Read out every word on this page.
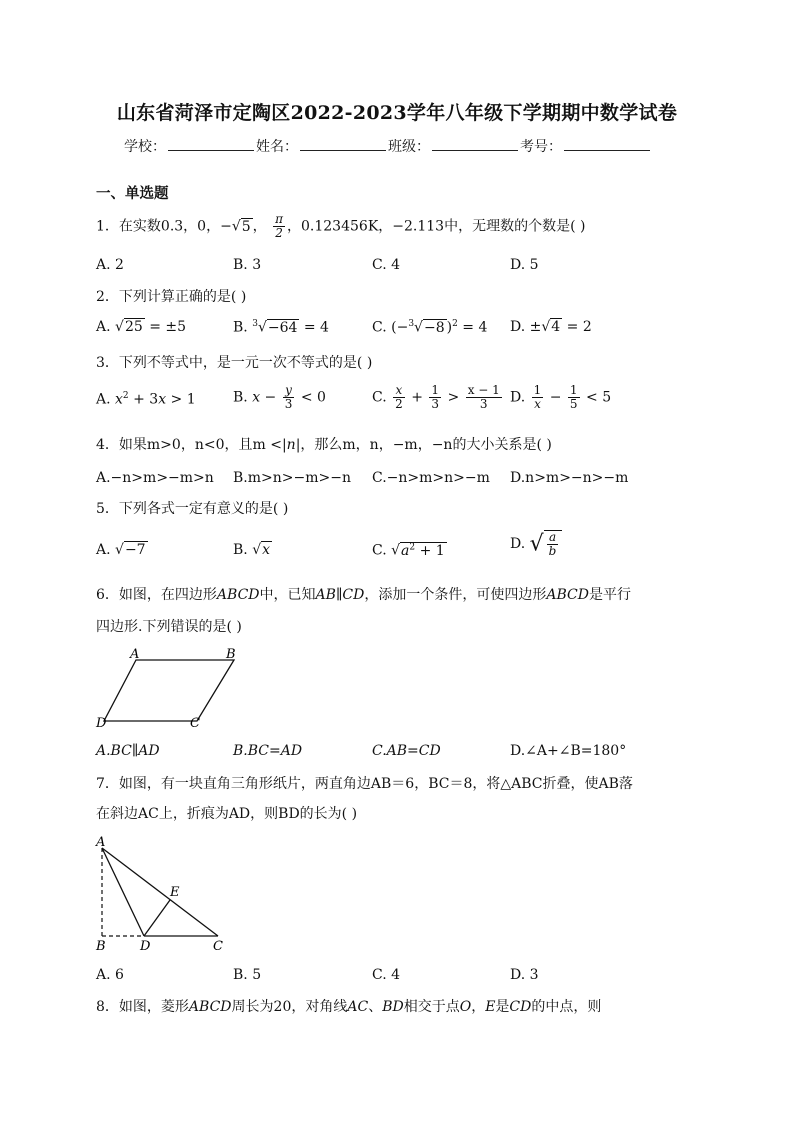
山东省菏泽市定陶区2022-2023学年八年级下学期期中数学试卷
学校：	姓名：	班级：	考号：
一、单选题
1．在实数0.3，0，−√5 ， $\frac{\pi}{2}$ ，0.123456K，−2.113中，无理数的个数是( )
A. 2	B. 3	C. 4	D. 5
2．下列计算正确的是( )
A. √25 = ±5	B. $^3$√−64 = 4	C. (−$^3$√−8 )$^2$ = 4 D. ±√4 = 2
3．下列不等式中，是一元一次不等式的是( )
A. $x^2 + 3x > 1$	B. $x - \frac{y}{3} < 0$	C. $\frac{x}{2} + \frac{1}{3} > \frac{x - 1}{3} D$. $\frac{1}{x} - \frac{1}{5} < 5$
4．如果m>0，n<0，且m <|n|，那么m，n，−m，−n的大小关系是( )
A.−n>m>−m>n B.m>n>−m>−n C.−n>m>n>−m D.n>m>−n>−m
5．下列各式一定有意义的是( )
A. √−7	B. √x	C. $√a^2 + 1$	D. √ $\frac{a}{b}$
6．如图，在四边形ABCD中，已知AB∥CD，添加一个条件，可使四边形ABCD是平行
四边形.下列错误的是( )
A	B
C
D
A.BC∥AD	B.BC=AD	C.AB=CD	D.∠A+∠B=180°
7．如图，有一块直角三角形纸片，两直角边AB＝6，BC＝8，将△ABC折叠，使AB落
在斜边AC上，折痕为AD，则BD的长为( )
A
B	D	C
E
A. 6	B. 5	C. 4	D. 3
8．如图，菱形ABCD周长为20，对角线AC、BD相交于点O，E是CD的中点，则
